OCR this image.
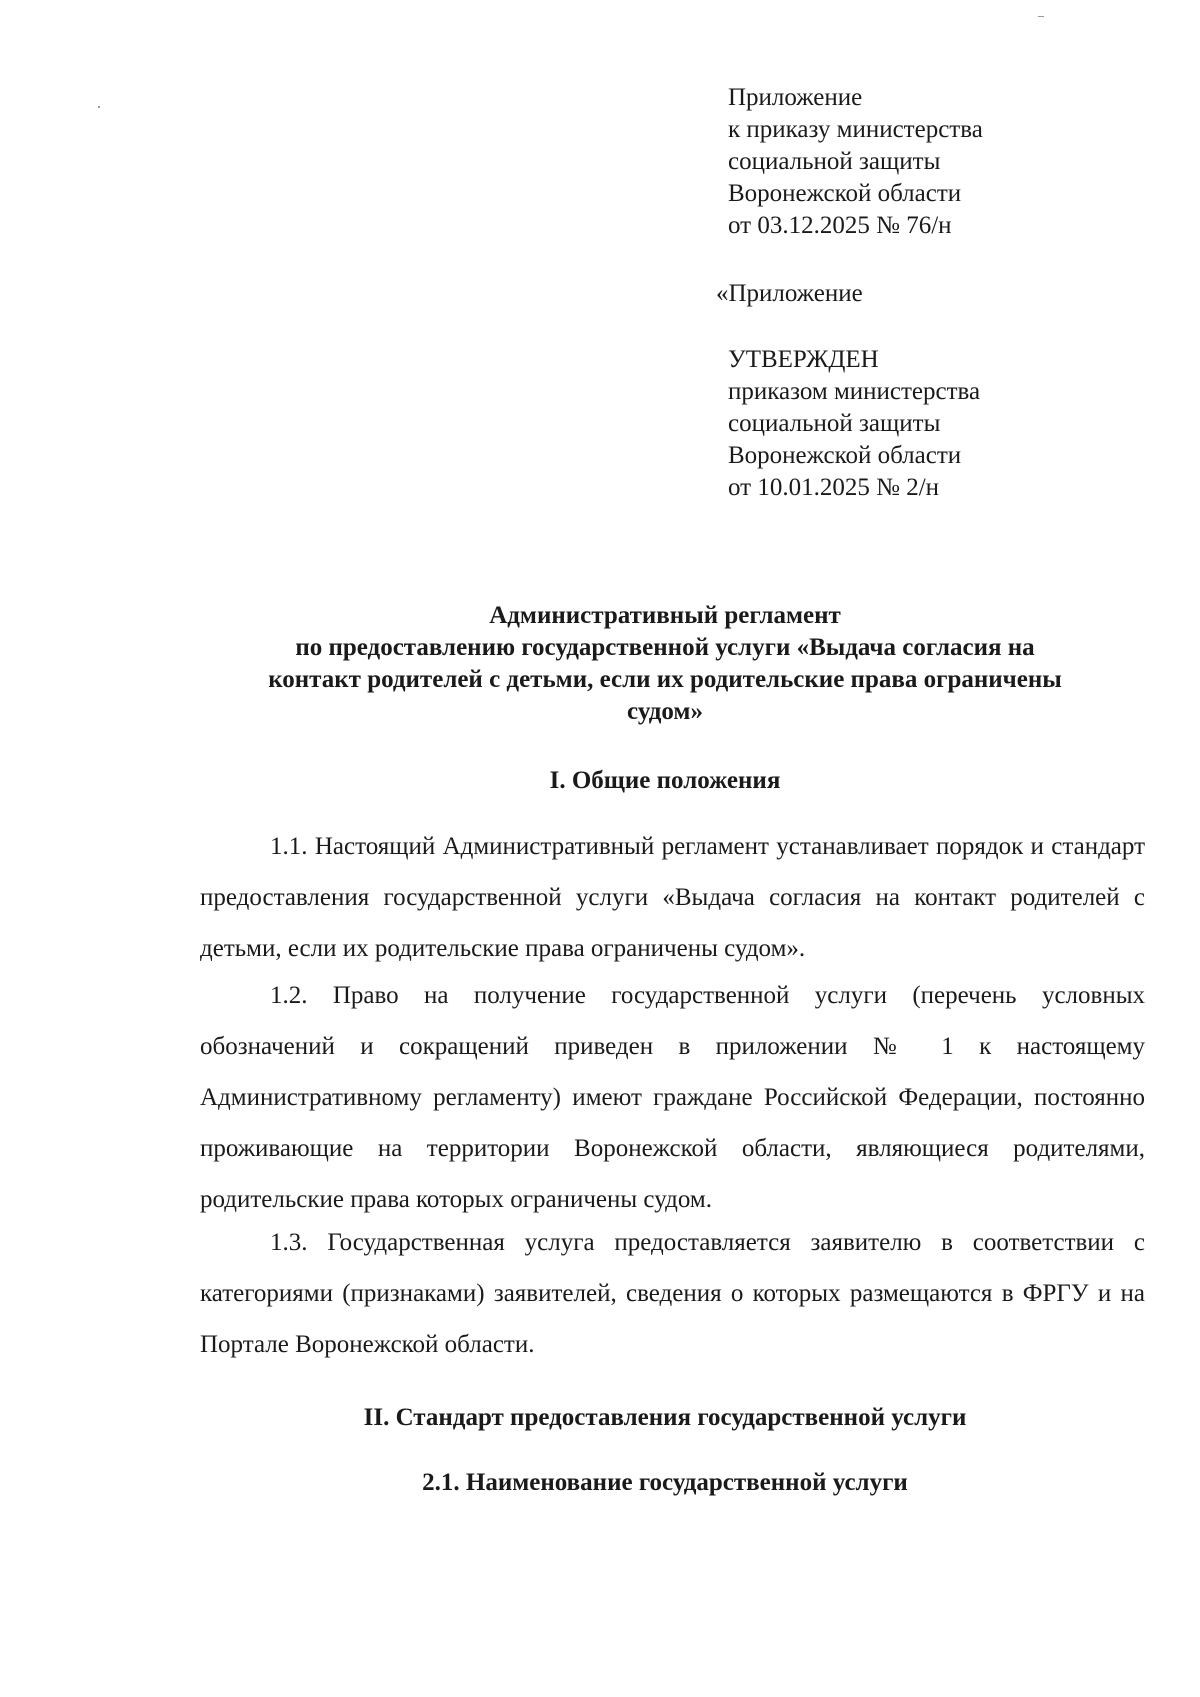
Приложение
к приказу министерства
социальной защиты
Воронежской области
от 03.12.2025 № 76/н
«Приложение
УТВЕРЖДЕН
приказом министерства
социальной защиты
Воронежской области
от 10.01.2025 № 2/н
Административный регламент
по предоставлению государственной услуги «Выдача согласия на
контакт родителей с детьми, если их родительские права ограничены
судом»
I. Общие положения

1.1. Настоящий Административный регламент устанавливает порядок и стандарт предоставления государственной услуги «Выдача согласия на контакт родителей с детьми, если их родительские права ограничены судом».

1.2. Право на получение государственной услуги (перечень условных обозначений и сокращений приведен в приложении № 1 к настоящему Административному регламенту) имеют граждане Российской Федерации, постоянно проживающие на территории Воронежской области, являющиеся родителями, родительские права которых ограничены судом.

1.3. Государственная услуга предоставляется заявителю в соответствии с категориями (признаками) заявителей, сведения о которых размещаются в ФРГУ и на Портале Воронежской области.

II. Стандарт предоставления государственной услуги
2.1. Наименование государственной услуги
